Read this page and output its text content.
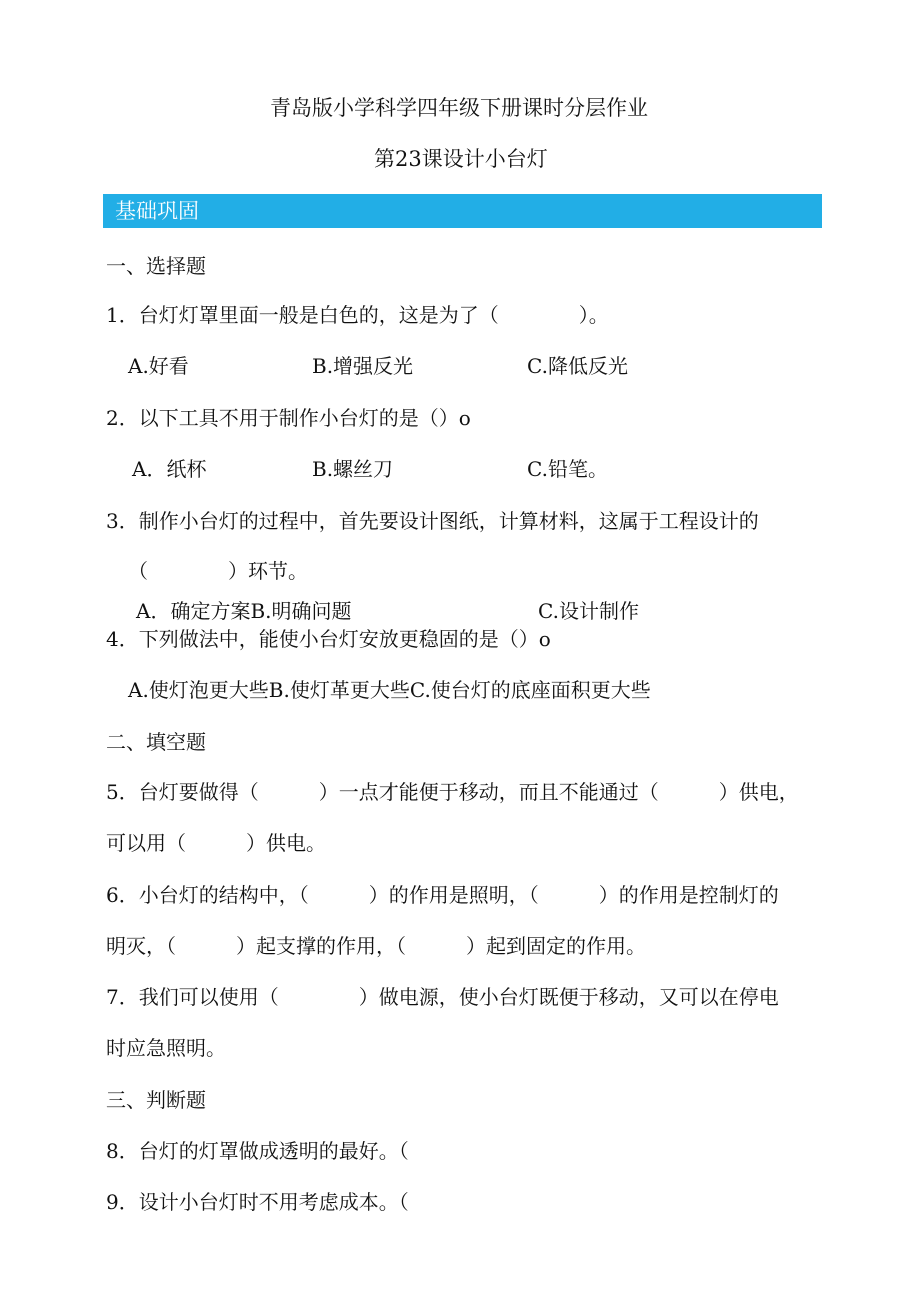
青岛版小学科学四年级下册课时分层作业
第23课设计小台灯
基础巩固
一、选择题
1．台灯灯罩里面一般是白色的，这是为了（　　　　）。
A.好看	B.增强反光	C.降低反光
2．以下工具不用于制作小台灯的是（）o
A．纸杯	B.螺丝刀	C.铅笔。
3．制作小台灯的过程中，首先要设计图纸，计算材料，这属于工程设计的
（　　　　）环节。
A．确定方案B.明确问题	C.设计制作
4．下列做法中，能使小台灯安放更稳固的是（）o
A.使灯泡更大些B.使灯革更大些C.使台灯的底座面积更大些
二、填空题
5．台灯要做得（　　　）一点才能便于移动，而且不能通过（　　　）供电，
可以用（　　　）供电。
6．小台灯的结构中，（　　　）的作用是照明，（　　　）的作用是控制灯的
明灭，（　　　）起支撑的作用，（　　　）起到固定的作用。
7．我们可以使用（　　　　）做电源，使小台灯既便于移动，又可以在停电
时应急照明。
三、判断题
8．台灯的灯罩做成透明的最好。（
9．设计小台灯时不用考虑成本。（
